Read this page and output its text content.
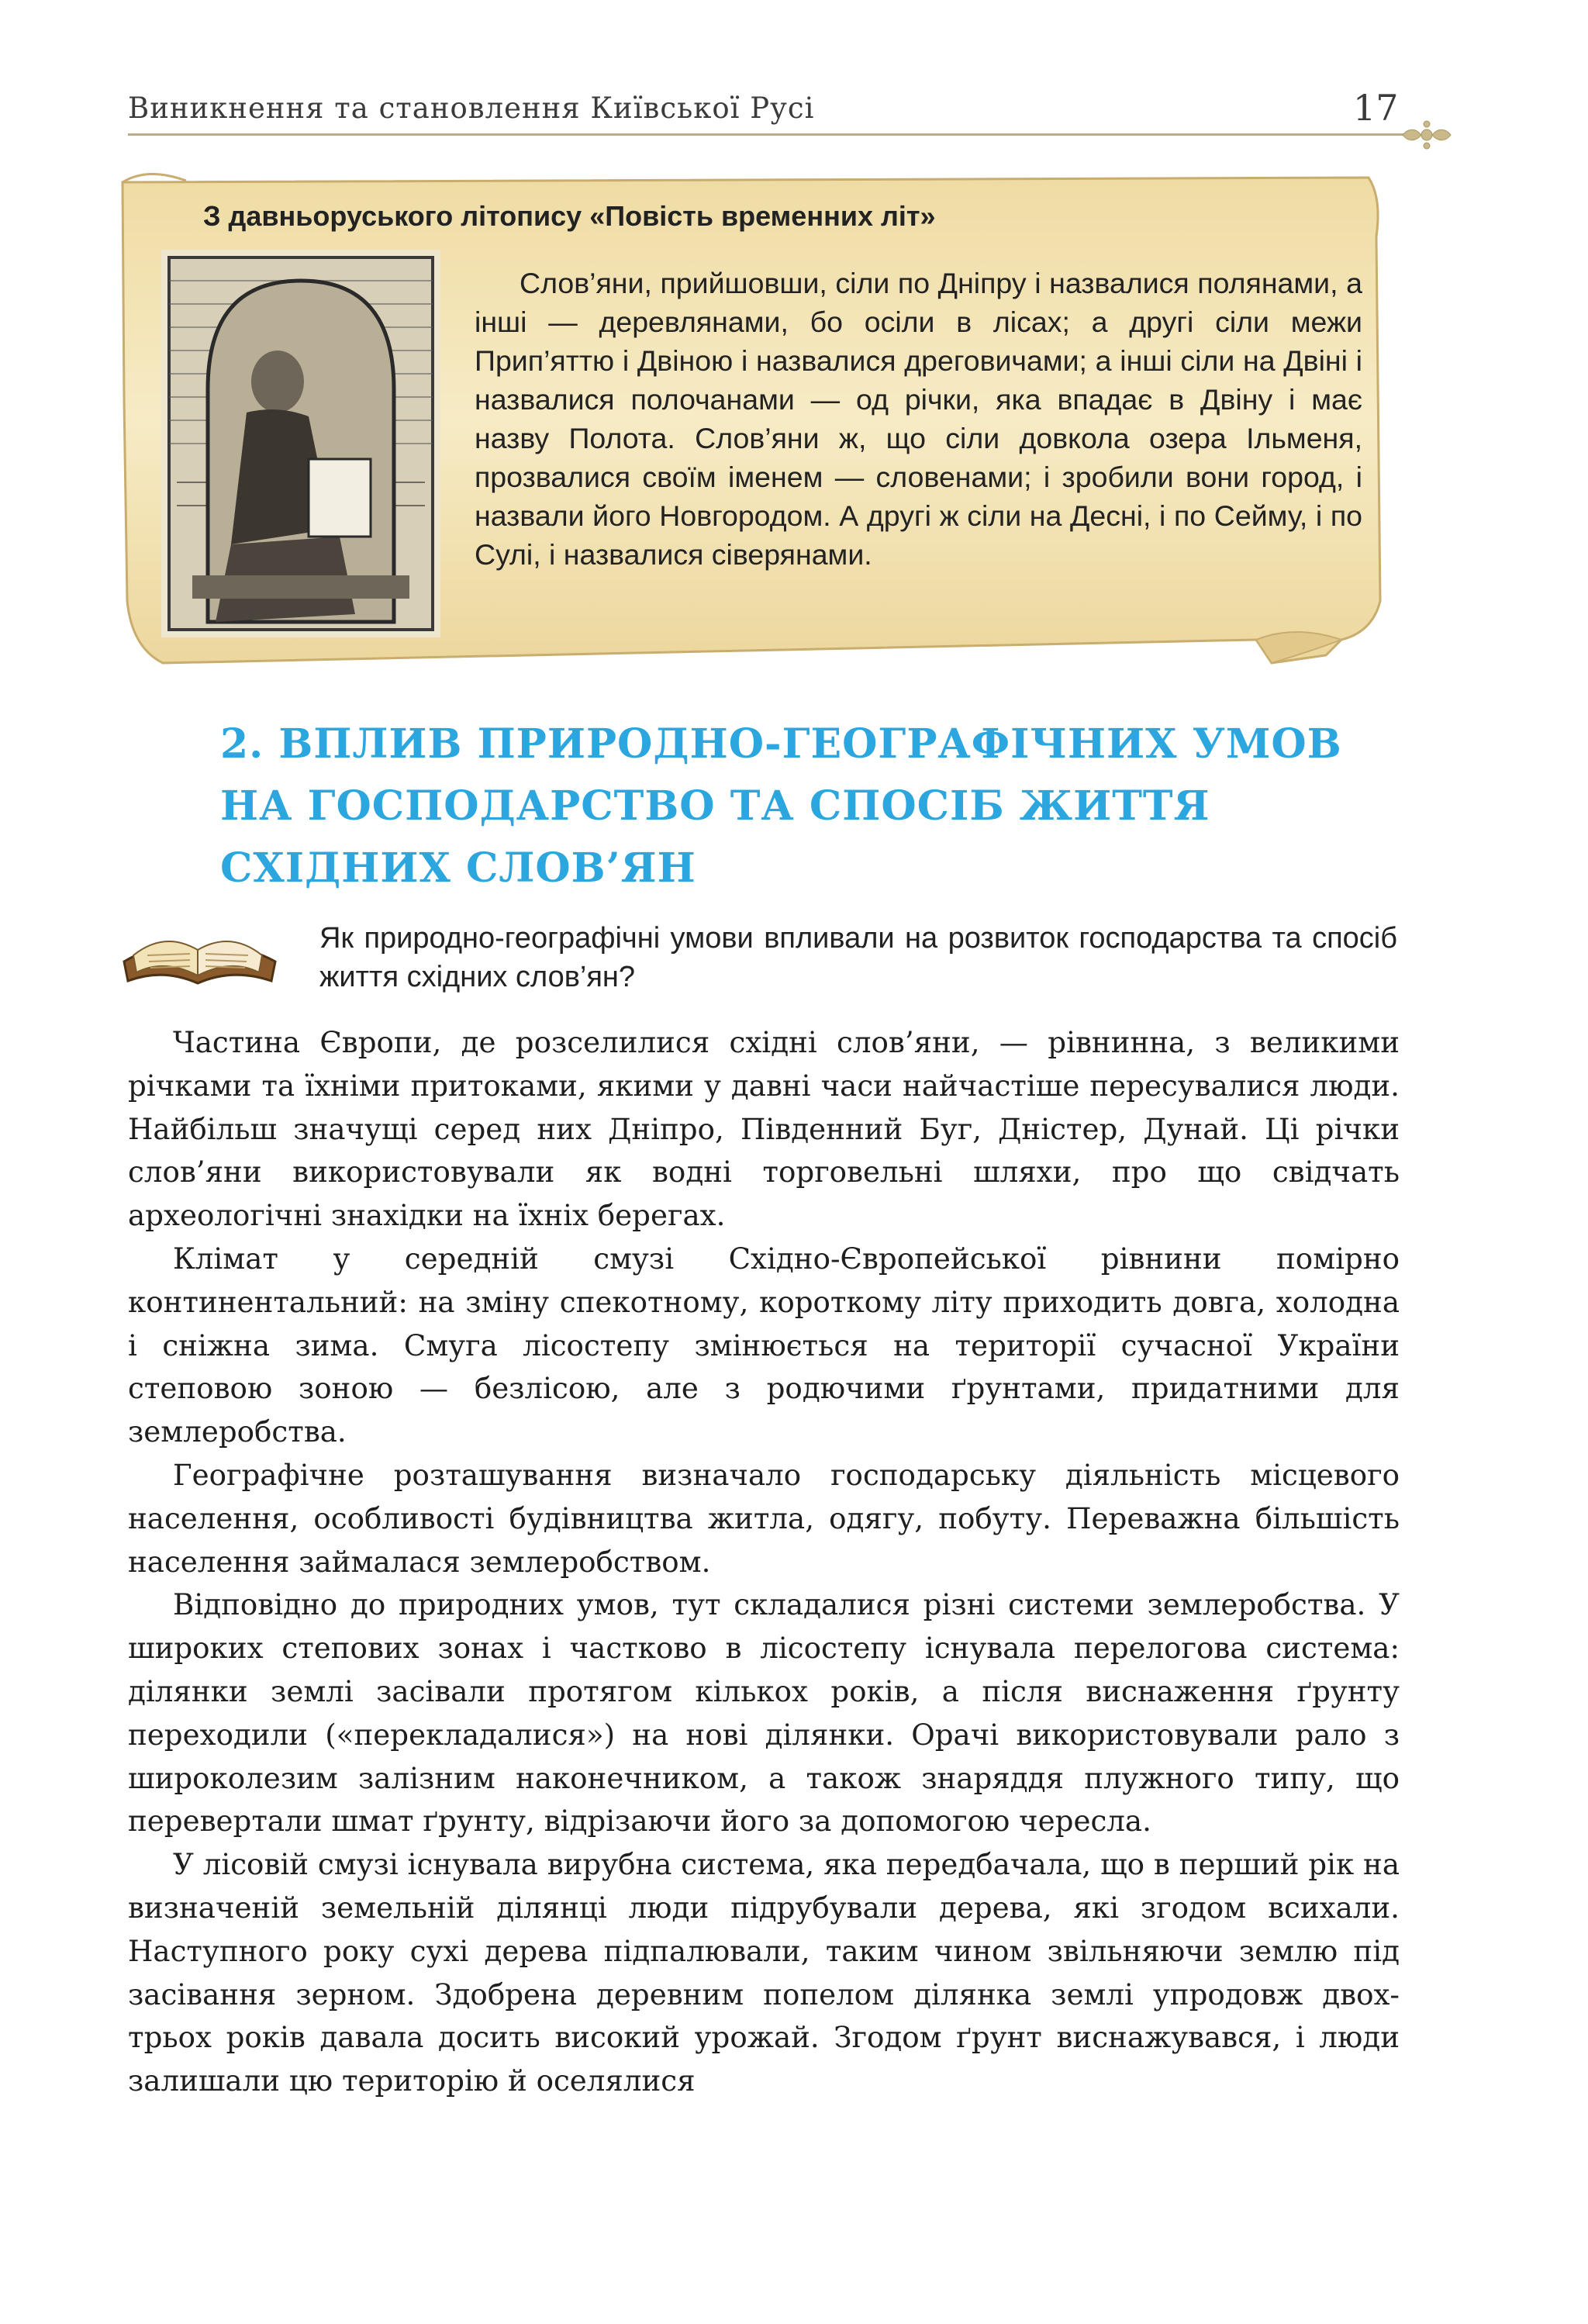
Виникнення та становлення Київської Русі	17
З давньоруського літопису «Повість временних літ»

Слов’яни, прийшовши, сіли по Дніпру і назвалися полянами, а інші — деревлянами, бо осіли в лісах; а другі сіли межи Прип’яттю і Двіною і назвалися дреговичами; а інші сіли на Двіні і назвалися полочанами — од річки, яка впадає в Двіну і має назву Полота. Слов’яни ж, що сіли довкола озера Ільменя, прозвалися своїм іменем — словенами; і зробили вони город, і назвали його Новгородом. А другі ж сіли на Десні, і по Сейму, і по Сулі, і назвалися сіверянами.

2. ВПЛИВ ПРИРОДНО-ГЕОГРАФІЧНИХ УМОВ
НА ГОСПОДАРСТВО ТА СПОСІБ ЖИТТЯ
СХІДНИХ СЛОВ’ЯН
Як природно-географічні умови впливали на розвиток господарства та спосіб життя східних слов’ян?

Частина Європи, де розселилися східні слов’яни, — рівнинна, з великими річками та їхніми притоками, якими у давні часи найчастіше пересувалися люди. Найбільш значущі серед них Дніпро, Південний Буг, Дністер, Дунай. Ці річки слов’яни використовували як водні торговельні шляхи, про що свідчать археологічні знахідки на їхніх берегах.

Клімат у середній смузі Східно-Європейської рівнини помірно континентальний: на зміну спекотному, короткому літу приходить довга, холодна і сніжна зима. Смуга лісостепу змінюється на території сучасної України степовою зоною — безлісою, але з родючими ґрунтами, придатними для землеробства.

Географічне розташування визначало господарську діяльність місцевого населення, особливості будівництва житла, одягу, побуту. Переважна більшість населення займалася землеробством.

Відповідно до природних умов, тут складалися різні системи землеробства. У широких степових зонах і частково в лісостепу існувала перелогова система: ділянки землі засівали протягом кількох років, а після виснаження ґрунту переходили («перекладалися») на нові ділянки. Орачі використовували рало з широколезим залізним наконечником, а також знаряддя плужного типу, що перевертали шмат ґрунту, відрізаючи його за допомогою чересла.

У лісовій смузі існувала вирубна система, яка передбачала, що в перший рік на визначеній земельній ділянці люди підрубували дерева, які згодом всихали. Наступного року сухі дерева підпалювали, таким чином звільняючи землю під засівання зерном. Здобрена деревним попелом ділянка землі упродовж двох-трьох років давала досить високий урожай. Згодом ґрунт виснажувався, і люди залишали цю територію й оселялися
